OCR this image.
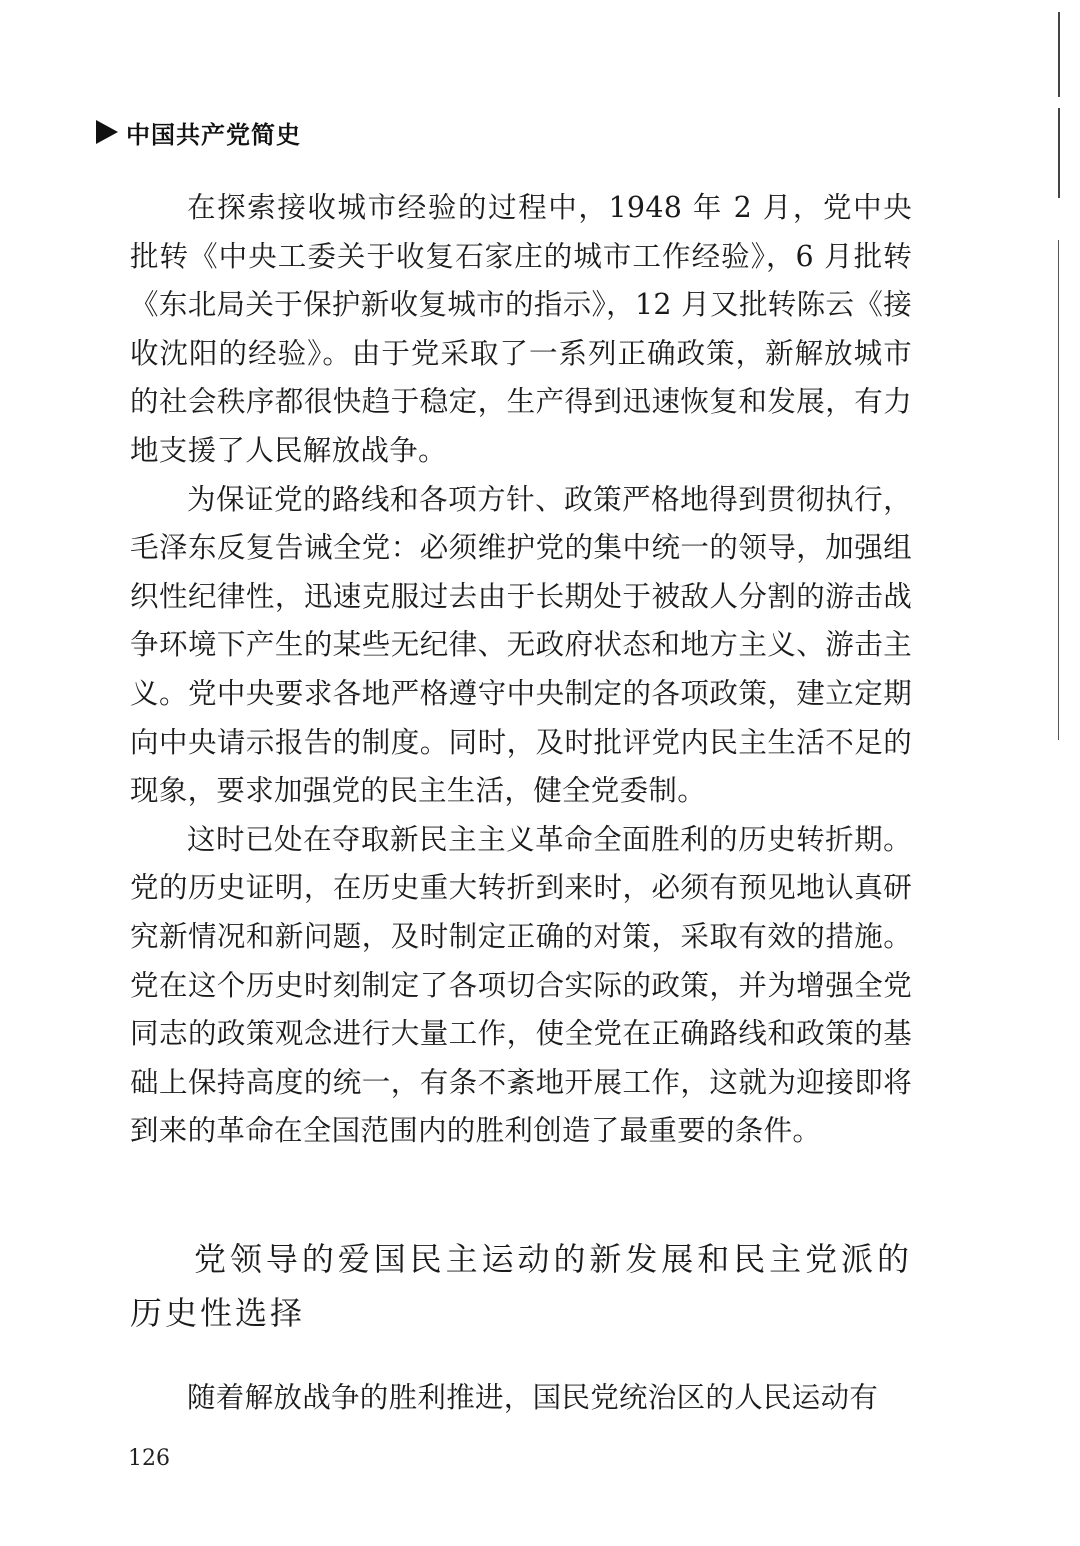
中国共产党简史

在探索接收城市经验的过程中，1948 年 2 月，党中央批转《中央工委关于收复石家庄的城市工作经验》，6 月批转《东北局关于保护新收复城市的指示》，12 月又批转陈云《接收沈阳的经验》。由于党采取了一系列正确政策，新解放城市的社会秩序都很快趋于稳定，生产得到迅速恢复和发展，有力地支援了人民解放战争。

为保证党的路线和各项方针、政策严格地得到贯彻执行，毛泽东反复告诫全党：必须维护党的集中统一的领导，加强组织性纪律性，迅速克服过去由于长期处于被敌人分割的游击战争环境下产生的某些无纪律、无政府状态和地方主义、游击主义。党中央要求各地严格遵守中央制定的各项政策，建立定期向中央请示报告的制度。同时，及时批评党内民主生活不足的现象，要求加强党的民主生活，健全党委制。

这时已处在夺取新民主主义革命全面胜利的历史转折期。党的历史证明，在历史重大转折到来时，必须有预见地认真研究新情况和新问题，及时制定正确的对策，采取有效的措施。党在这个历史时刻制定了各项切合实际的政策，并为增强全党同志的政策观念进行大量工作，使全党在正确路线和政策的基础上保持高度的统一，有条不紊地开展工作，这就为迎接即将到来的革命在全国范围内的胜利创造了最重要的条件。

党领导的爱国民主运动的新发展和民主党派的历史性选择

随着解放战争的胜利推进，国民党统治区的人民运动有

126
